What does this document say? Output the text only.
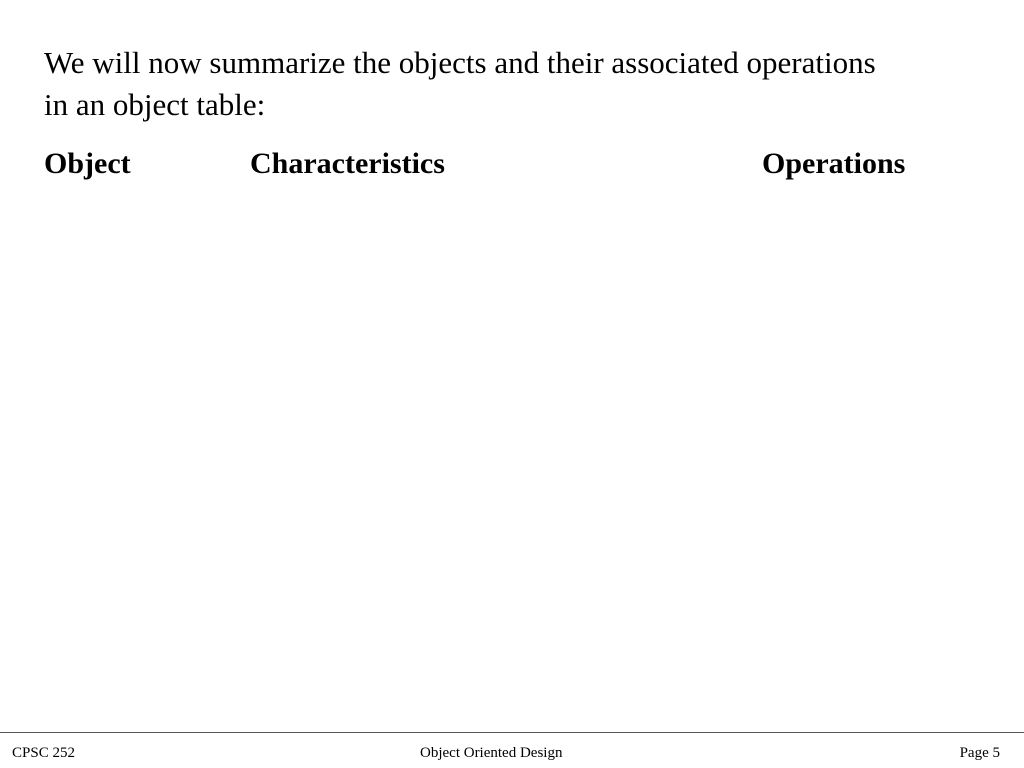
We will now summarize the objects and their associated operations
in an object table:
Object	Characteristics	Operations
CPSC 252	Object Oriented Design	Page 5
